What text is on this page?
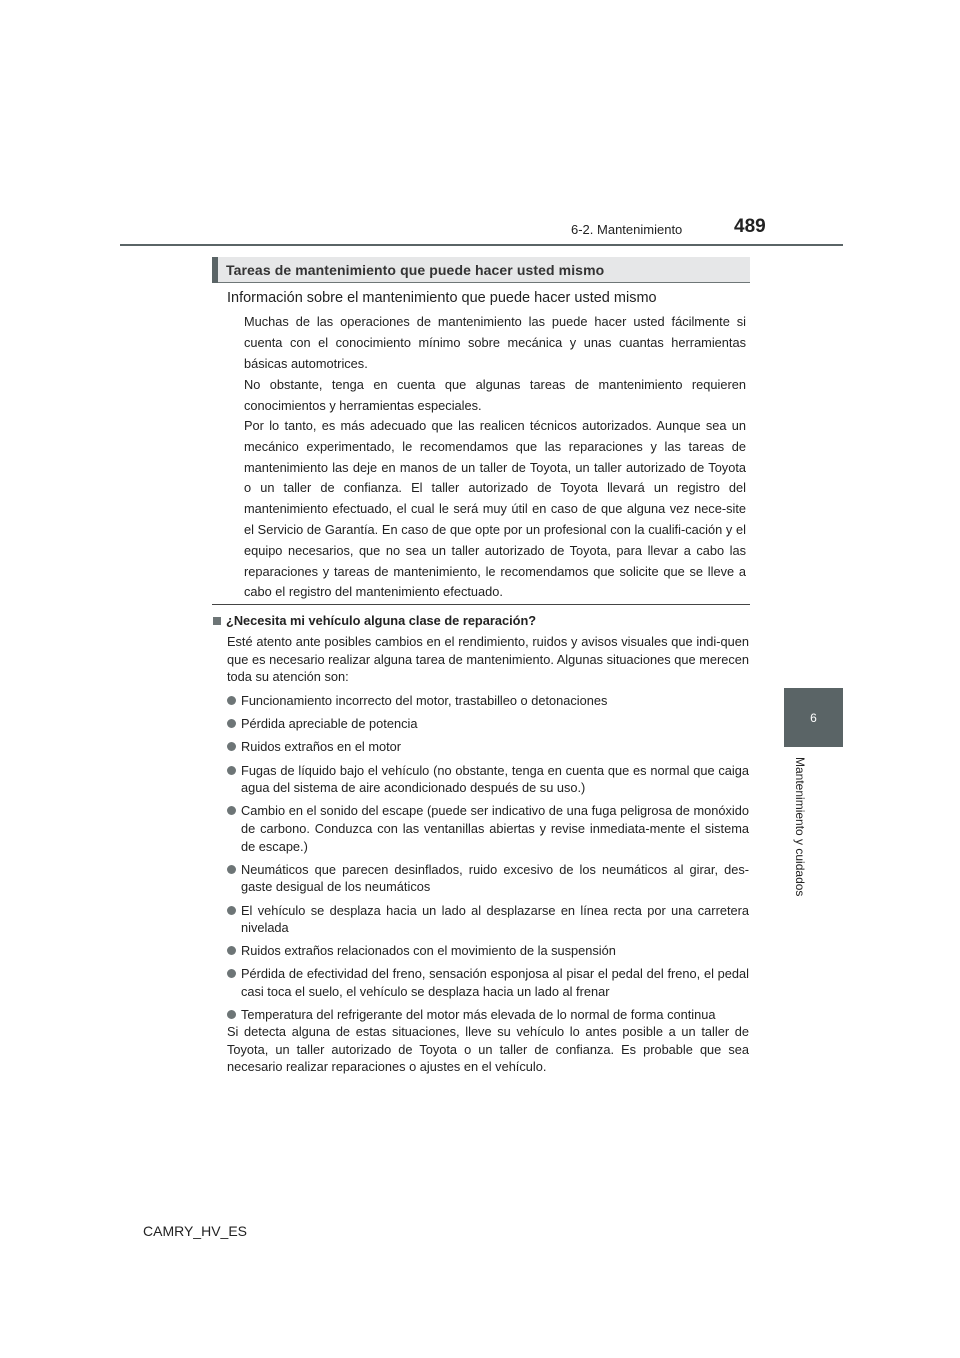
6-2. Mantenimiento	489
6
Mantenimiento y cuidados
Tareas de mantenimiento que puede hacer usted mismo
Información sobre el mantenimiento que puede hacer usted mismo
Muchas de las operaciones de mantenimiento las puede hacer usted fácilmente si cuenta con el conocimiento mínimo sobre mecánica y unas cuantas herramientas básicas automotrices.
No obstante, tenga en cuenta que algunas tareas de mantenimiento requieren conocimientos y herramientas especiales.
Por lo tanto, es más adecuado que las realicen técnicos autorizados. Aunque sea un mecánico experimentado, le recomendamos que las reparaciones y las tareas de mantenimiento las deje en manos de un taller de Toyota, un taller autorizado de Toyota o un taller de confianza. El taller autorizado de Toyota llevará un registro del mantenimiento efectuado, el cual le será muy útil en caso de que alguna vez nece-site el Servicio de Garantía. En caso de que opte por un profesional con la cualifi-cación y el equipo necesarios, que no sea un taller autorizado de Toyota, para llevar a cabo las reparaciones y tareas de mantenimiento, le recomendamos que solicite que se lleve a cabo el registro del mantenimiento efectuado.
¿Necesita mi vehículo alguna clase de reparación?
Esté atento ante posibles cambios en el rendimiento, ruidos y avisos visuales que indi-quen que es necesario realizar alguna tarea de mantenimiento. Algunas situaciones que merecen toda su atención son:
Funcionamiento incorrecto del motor, trastabilleo o detonaciones
Pérdida apreciable de potencia
Ruidos extraños en el motor
Fugas de líquido bajo el vehículo (no obstante, tenga en cuenta que es normal que caiga agua del sistema de aire acondicionado después de su uso.)
Cambio en el sonido del escape (puede ser indicativo de una fuga peligrosa de monóxido de carbono. Conduzca con las ventanillas abiertas y revise inmediata-mente el sistema de escape.)
Neumáticos que parecen desinflados, ruido excesivo de los neumáticos al girar, des-gaste desigual de los neumáticos
El vehículo se desplaza hacia un lado al desplazarse en línea recta por una carretera nivelada
Ruidos extraños relacionados con el movimiento de la suspensión
Pérdida de efectividad del freno, sensación esponjosa al pisar el pedal del freno, el pedal casi toca el suelo, el vehículo se desplaza hacia un lado al frenar
Temperatura del refrigerante del motor más elevada de lo normal de forma continua
Si detecta alguna de estas situaciones, lleve su vehículo lo antes posible a un taller de Toyota, un taller autorizado de Toyota o un taller de confianza. Es probable que sea necesario realizar reparaciones o ajustes en el vehículo.
CAMRY_HV_ES
